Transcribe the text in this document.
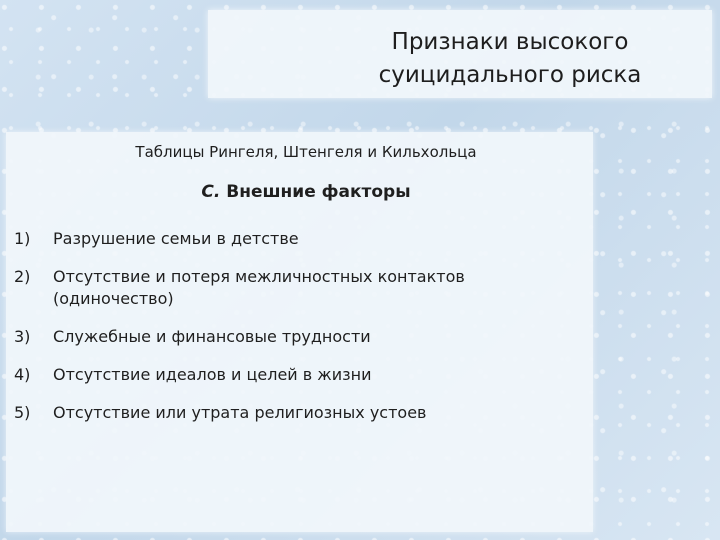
Признаки высокого
суицидального риска
Таблицы Рингеля, Штенгеля и Кильхольца
С. Внешние факторы
1)	Разрушение семьи в детстве
2)	Отсутствие и потеря межличностных контактов (одиночество)
3)	Служебные и финансовые трудности
4)	Отсутствие идеалов и целей в жизни
5)	Отсутствие или утрата религиозных устоев
